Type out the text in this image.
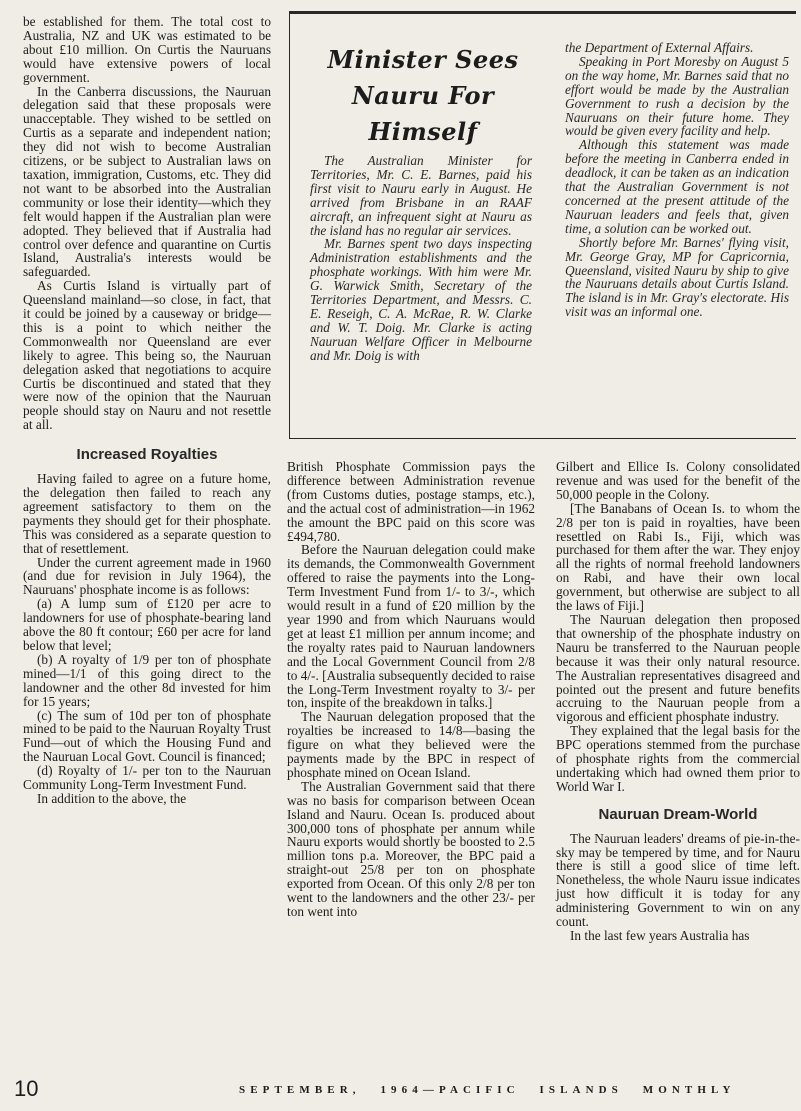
be established for them. The total cost to Australia, NZ and UK was estimated to be about £10 million. On Curtis the Nauruans would have extensive powers of local government.

In the Canberra discussions, the Nauruan delegation said that these proposals were unacceptable. They wished to be settled on Curtis as a separate and independent nation; they did not wish to become Australian citizens, or be subject to Australian laws on taxation, immigration, Customs, etc. They did not want to be absorbed into the Australian community or lose their identity—which they felt would happen if the Australian plan were adopted. They believed that if Australia had control over defence and quarantine on Curtis Island, Australia's interests would be safeguarded.

As Curtis Island is virtually part of Queensland mainland—so close, in fact, that it could be joined by a causeway or bridge—this is a point to which neither the Commonwealth nor Queensland are ever likely to agree. This being so, the Nauruan delegation asked that negotiations to acquire Curtis be discontinued and stated that they were now of the opinion that the Nauruan people should stay on Nauru and not resettle at all.

Increased Royalties

Having failed to agree on a future home, the delegation then failed to reach any agreement satisfactory to them on the payments they should get for their phosphate. This was considered as a separate question to that of resettlement.

Under the current agreement made in 1960 (and due for revision in July 1964), the Nauruans' phosphate income is as follows:

(a) A lump sum of £120 per acre to landowners for use of phosphate-bearing land above the 80 ft contour; £60 per acre for land below that level;

(b) A royalty of 1/9 per ton of phosphate mined—1/1 of this going direct to the landowner and the other 8d invested for him for 15 years;

(c) The sum of 10d per ton of phosphate mined to be paid to the Nauruan Royalty Trust Fund—out of which the Housing Fund and the Nauruan Local Govt. Council is financed;

(d) Royalty of 1/- per ton to the Nauruan Community Long-Term Investment Fund.

In addition to the above, the

Minister Sees
Nauru For
Himself

The Australian Minister for Territories, Mr. C. E. Barnes, paid his first visit to Nauru early in August. He arrived from Brisbane in an RAAF aircraft, an infrequent sight at Nauru as the island has no regular air services.

Mr. Barnes spent two days inspecting Administration establishments and the phosphate workings. With him were Mr. G. Warwick Smith, Secretary of the Territories Department, and Messrs. C. E. Reseigh, C. A. McRae, R. W. Clarke and W. T. Doig. Mr. Clarke is acting Nauruan Welfare Officer in Melbourne and Mr. Doig is with

the Department of External Affairs.

Speaking in Port Moresby on August 5 on the way home, Mr. Barnes said that no effort would be made by the Australian Government to rush a decision by the Nauruans on their future home. They would be given every facility and help.

Although this statement was made before the meeting in Canberra ended in deadlock, it can be taken as an indication that the Australian Government is not concerned at the present attitude of the Nauruan leaders and feels that, given time, a solution can be worked out.

Shortly before Mr. Barnes' flying visit, Mr. George Gray, MP for Capricornia, Queensland, visited Nauru by ship to give the Nauruans details about Curtis Island. The island is in Mr. Gray's electorate. His visit was an informal one.

British Phosphate Commission pays the difference between Administration revenue (from Customs duties, postage stamps, etc.), and the actual cost of administration—in 1962 the amount the BPC paid on this score was £494,780.

Before the Nauruan delegation could make its demands, the Commonwealth Government offered to raise the payments into the Long-Term Investment Fund from 1/- to 3/-, which would result in a fund of £20 million by the year 1990 and from which Nauruans would get at least £1 million per annum income; and the royalty rates paid to Nauruan landowners and the Local Government Council from 2/8 to 4/-. [Australia subsequently decided to raise the Long-Term Investment royalty to 3/- per ton, inspite of the breakdown in talks.]

The Nauruan delegation proposed that the royalties be increased to 14/8—basing the figure on what they believed were the payments made by the BPC in respect of phosphate mined on Ocean Island.

The Australian Government said that there was no basis for comparison between Ocean Island and Nauru. Ocean Is. produced about 300,000 tons of phosphate per annum while Nauru exports would shortly be boosted to 2.5 million tons p.a. Moreover, the BPC paid a straight-out 25/8 per ton on phosphate exported from Ocean. Of this only 2/8 per ton went to the landowners and the other 23/- per ton went into

Gilbert and Ellice Is. Colony consolidated revenue and was used for the benefit of the 50,000 people in the Colony.

[The Banabans of Ocean Is. to whom the 2/8 per ton is paid in royalties, have been resettled on Rabi Is., Fiji, which was purchased for them after the war. They enjoy all the rights of normal freehold landowners on Rabi, and have their own local government, but otherwise are subject to all the laws of Fiji.]

The Nauruan delegation then proposed that ownership of the phosphate industry on Nauru be transferred to the Nauruan people because it was their only natural resource. The Australian representatives disagreed and pointed out the present and future benefits accruing to the Nauruan people from a vigorous and efficient phosphate industry.

They explained that the legal basis for the BPC operations stemmed from the purchase of phosphate rights from the commercial undertaking which had owned them prior to World War I.

Nauruan Dream-World

The Nauruan leaders' dreams of pie-in-the-sky may be tempered by time, and for Nauru there is still a good slice of time left. Nonetheless, the whole Nauru issue indicates just how difficult it is today for any administering Government to win on any count.

In the last few years Australia has

10	SEPTEMBER, 1964—PACIFIC ISLANDS MONTHLY
